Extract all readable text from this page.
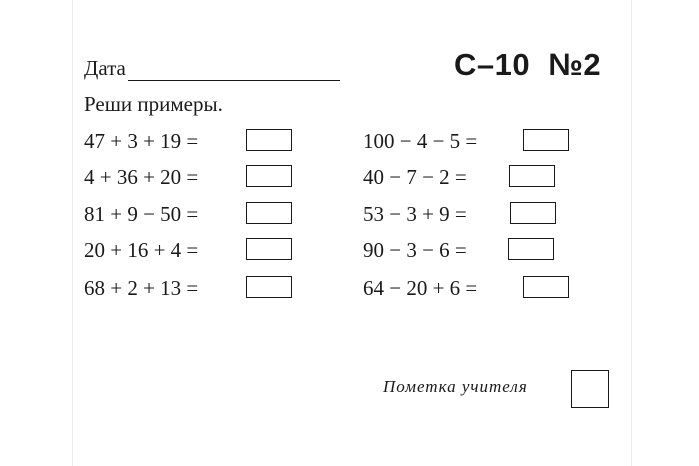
Дата	С–10  №2
Реши примеры.
47 + 3 + 19 =
4 + 36 + 20 =
81 + 9 − 50 =
20 + 16 + 4 =
68 + 2 + 13 =
100 − 4 − 5 =
40 − 7 − 2 =
53 − 3 + 9 =
90 − 3 − 6 =
64 − 20 + 6 =
Пометка учителя
